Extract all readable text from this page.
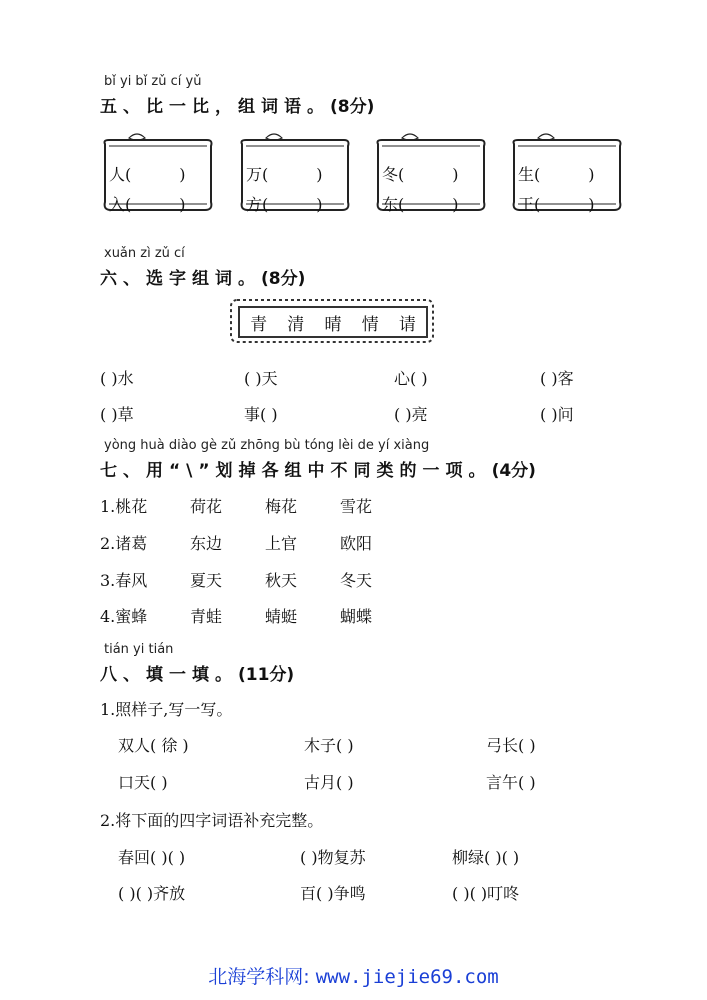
bǐ yi bǐ zǔ cí yǔ
五、比一比，组词语。(8分)
人(	)
入(	)
万(	)
方(	)
冬(	)
东(	)
生(	)
王(	)
xuǎn zì zǔ cí
六、选字组词。(8分)
青 清 晴 情 请
( )水	( )天	心( )	( )客
( )草	事( )	( )亮	( )问
yòng huà diào gè zǔ zhōng bù tóng lèi de yí xiàng
七、用“\”划掉各组中不同类的一项。(4分)
1.桃花	荷花	梅花	雪花
2.诸葛	东边	上官	欧阳
3.春风	夏天	秋天	冬天
4.蜜蜂	青蛙	蜻蜓	蝴蝶
tián yi tián
八、填一填。(11分)
1.照样子,写一写。
双人( 徐 )	木子( )	弓长( )
口天( )	古月( )	言午( )
2.将下面的四字词语补充完整。
春回( )( )	( )物复苏	柳绿( )( )
( )( )齐放	百( )争鸣	( )( )叮咚
北海学科网: www.jiejie69.com
